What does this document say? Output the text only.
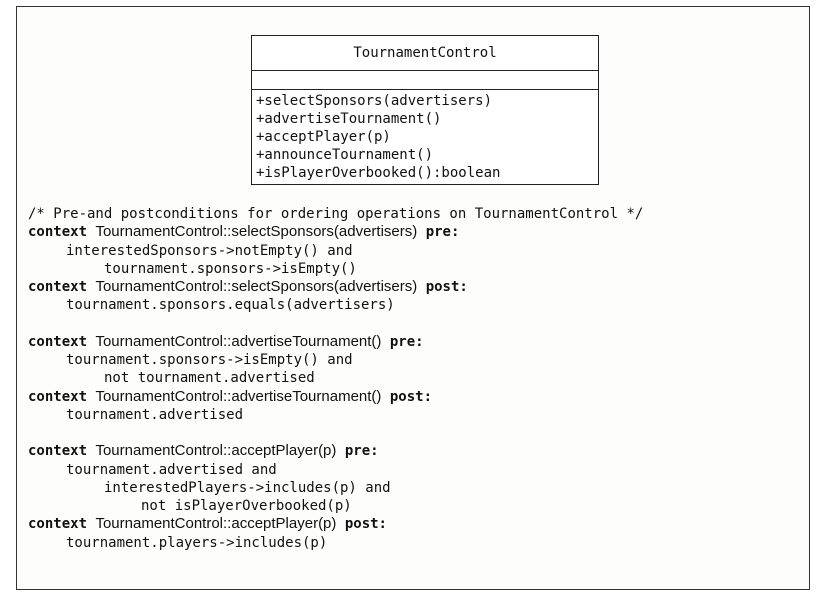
TournamentControl
+selectSponsors(advertisers)
+advertiseTournament()
+acceptPlayer(p)
+announceTournament()
+isPlayerOverbooked():boolean
/* Pre-and postconditions for ordering operations on TournamentControl */
context TournamentControl::selectSponsors(advertisers) pre:
interestedSponsors->notEmpty() and
tournament.sponsors->isEmpty()
context TournamentControl::selectSponsors(advertisers) post:
tournament.sponsors.equals(advertisers)
context TournamentControl::advertiseTournament() pre:
tournament.sponsors->isEmpty() and
not tournament.advertised
context TournamentControl::advertiseTournament() post:
tournament.advertised
context TournamentControl::acceptPlayer(p) pre:
tournament.advertised and
interestedPlayers->includes(p) and
not isPlayerOverbooked(p)
context TournamentControl::acceptPlayer(p) post:
tournament.players->includes(p)
